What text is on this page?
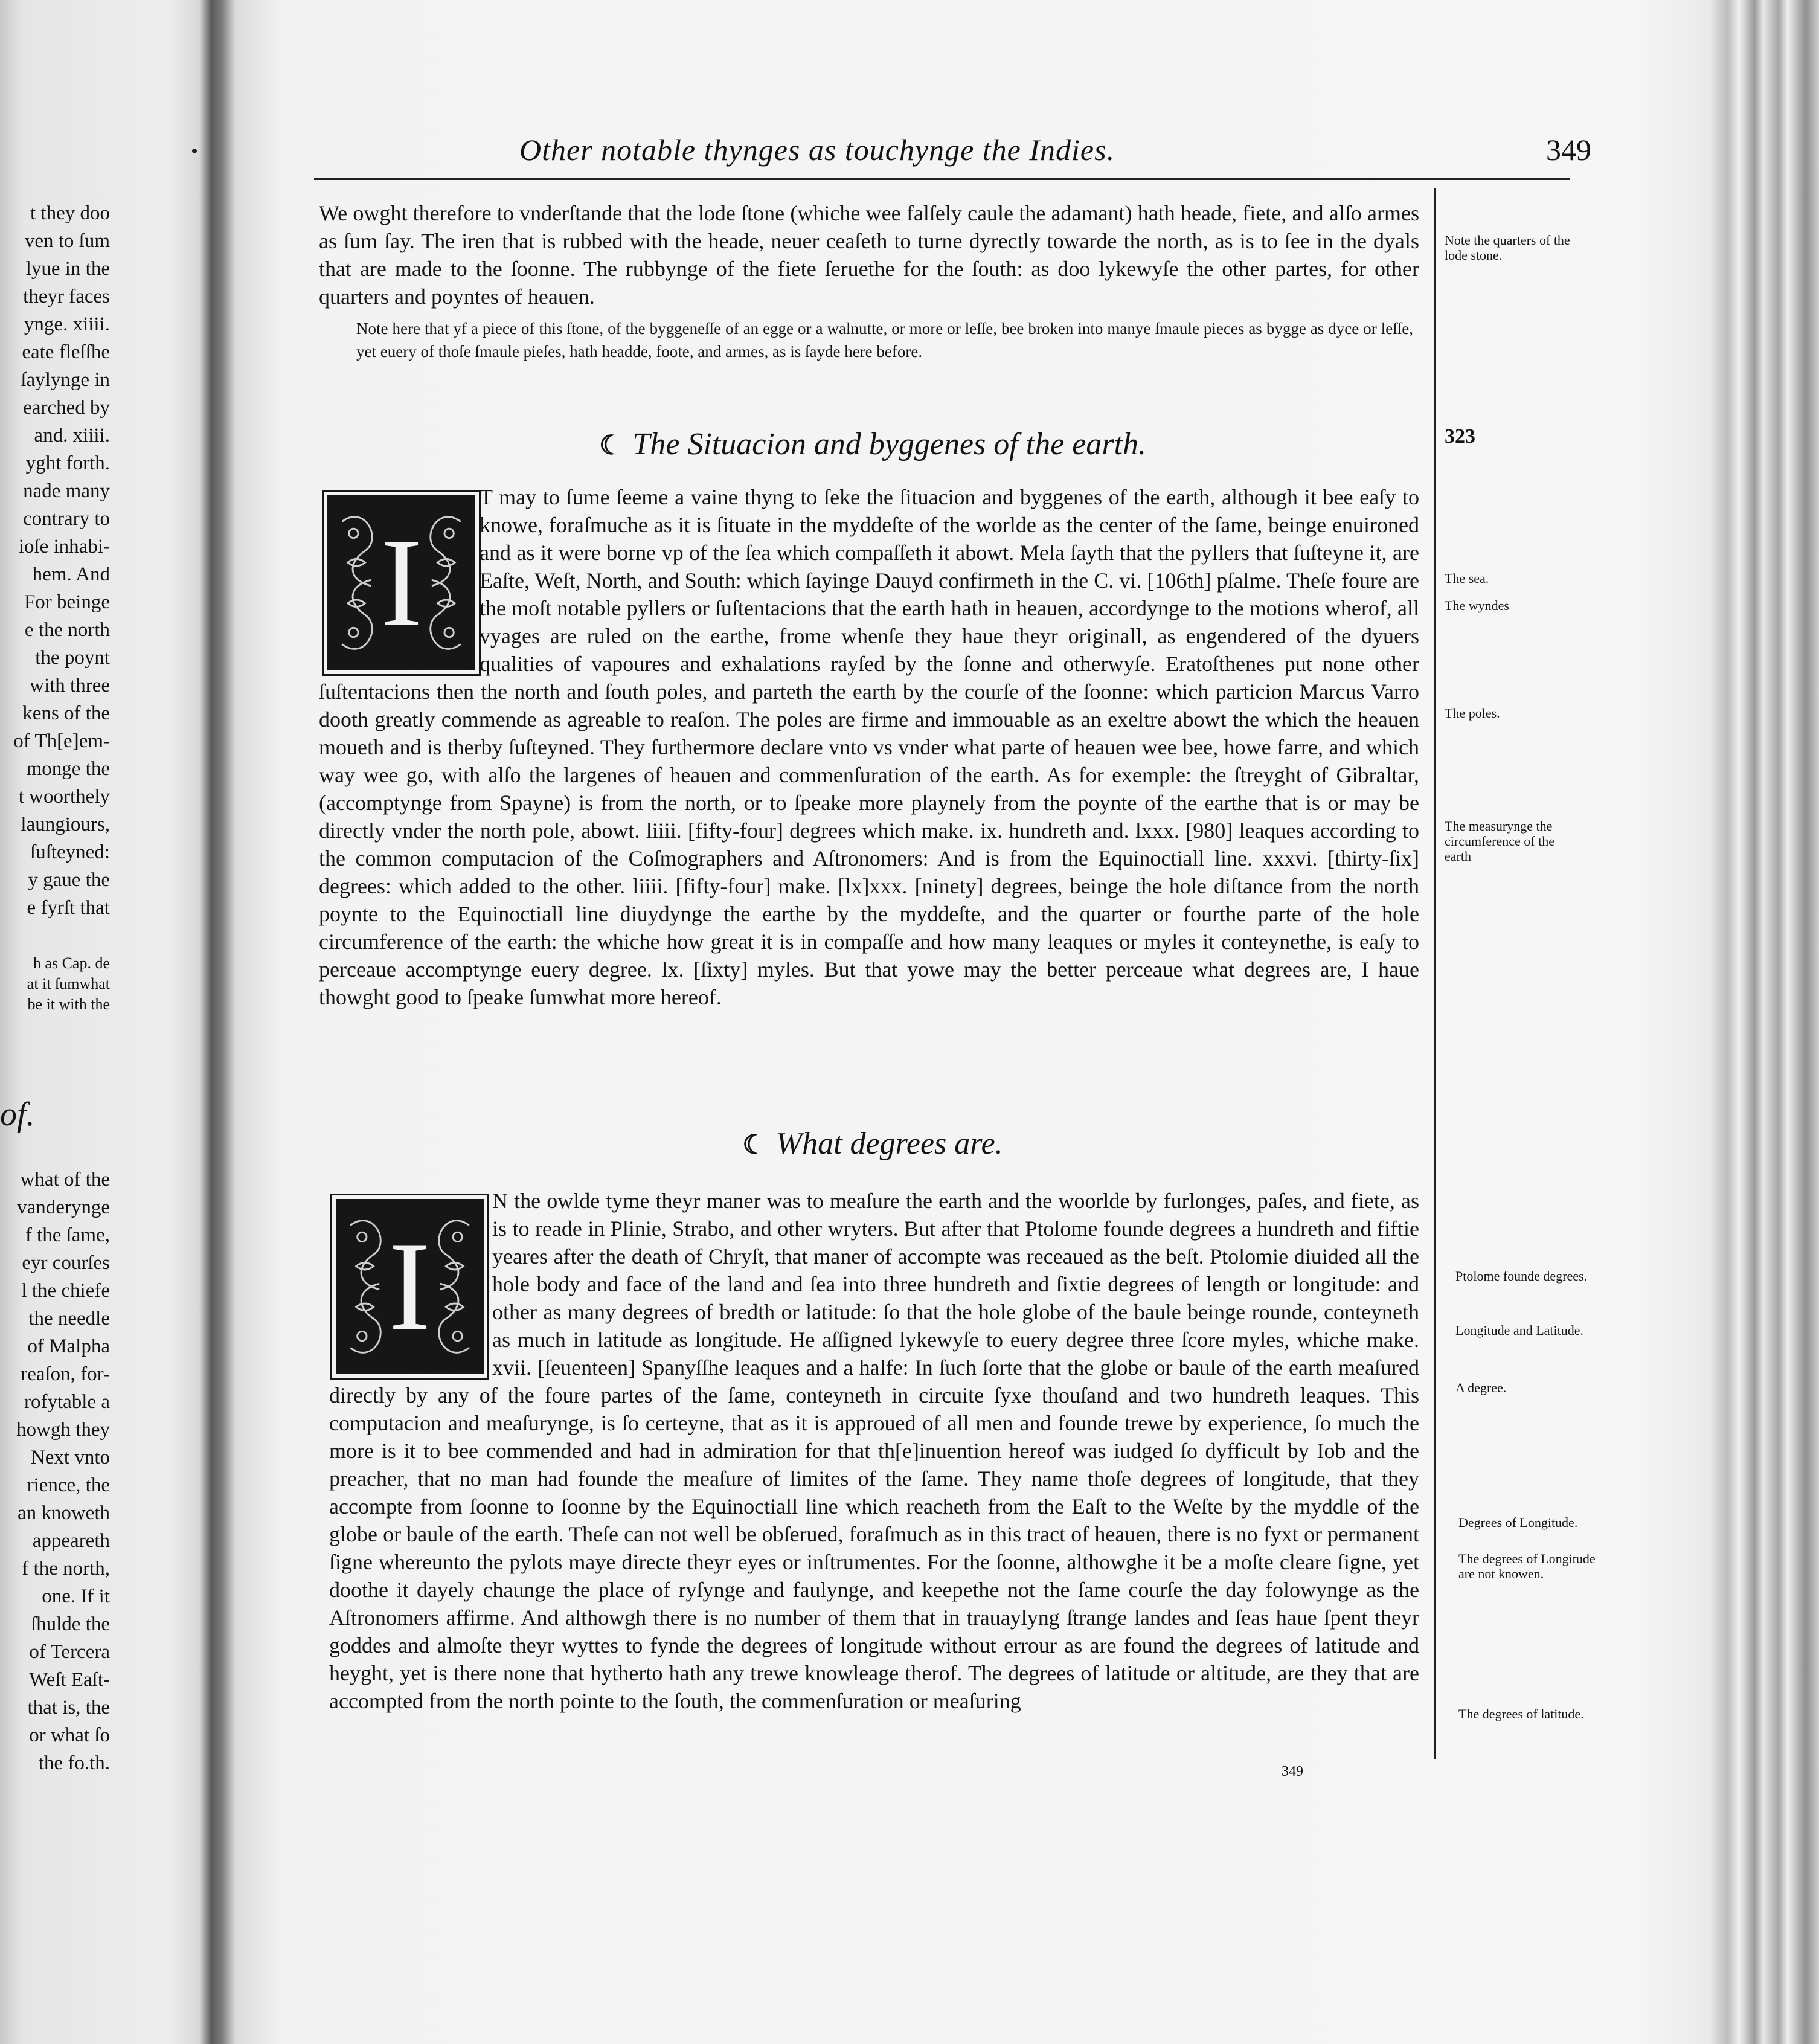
t they doo

ven to ſum

lyue in the

theyr faces

ynge. xiiii.

eate fleſſhe

ſaylynge in

earched by

and. xiiii.

yght forth.

nade many

contrary to

ioſe inhabi-

hem. And

For beinge

e the north

the poynt

with three

kens of the

of Th[e]em-

monge the

t woorthely

laungiours,

ſuſteyned:

y gaue the

e fyrſt that

h as Cap. de

at it ſumwhat

be it with the

of.

what of the

vanderynge

f the ſame,

eyr courſes

l the chiefe

the needle

of Malpha

reaſon, for-

rofytable a

howgh they

Next vnto

rience, the

an knoweth

appeareth

f the north,

one. If it

ſhulde the

of Tercera

Weſt Eaſt-

that is, the

or what ſo

the fo.th.

Other notable thynges as touchynge the Indies.	349

We owght therefore to vnderſtande that the lode ſtone (whiche wee falſely caule the adamant) hath heade, fiete, and alſo armes as ſum ſay. The iren that is rubbed with the heade, neuer ceaſeth to turne dyrectly towarde the north, as is to ſee in the dyals that are made to the ſoonne. The rubbynge of the fiete ſeruethe for the ſouth: as doo lykewyſe the other partes, for other quarters and poyntes of heauen.

Note here that yf a piece of this ſtone, of the byggeneſſe of an egge or a walnutte, or more or leſſe, bee broken into manye ſmaule pieces as bygge as dyce or leſſe, yet euery of thoſe ſmaule pieſes, hath headde, foote, and armes, as is ſayde here before.

☾ The Situacion and byggenes of the earth.
I

T may to ſume ſeeme a vaine thyng to ſeke the ſituacion and byggenes of the earth, although it bee eaſy to knowe, foraſmuche as it is ſituate in the myddeſte of the worlde as the center of the ſame, beinge enuironed and as it were borne vp of the ſea which compaſſeth it abowt. Mela ſayth that the pyllers that ſuſteyne it, are Eaſte, Weſt, North, and South: which ſayinge Dauyd confirmeth in the C. vi. [106th] pſalme. Theſe foure are the moſt notable pyllers or ſuſtentacions that the earth hath in heauen, accordynge to the motions wherof, all vyages are ruled on the earthe, frome whenſe they haue theyr originall, as engendered of the dyuers qualities of vapoures and exhalations rayſed by the ſonne and otherwyſe. Eratoſthenes put none other ſuſtentacions then the north and ſouth poles, and parteth the earth by the courſe of the ſoonne: which particion Marcus Varro dooth greatly commende as agreable to reaſon. The poles are firme and immouable as an exeltre abowt the which the heauen moueth and is therby ſuſteyned. They furthermore declare vnto vs vnder what parte of heauen wee bee, howe farre, and which way wee go, with alſo the largenes of heauen and commenſuration of the earth. As for exemple: the ſtreyght of Gibraltar, (accomptynge from Spayne) is from the north, or to ſpeake more playnely from the poynte of the earthe that is or may be directly vnder the north pole, abowt. liiii. [fifty-four] degrees which make. ix. hundreth and. lxxx. [980] leaques according to the common computacion of the Coſmographers and Aſtronomers: And is from the Equinoctiall line. xxxvi. [thirty-ſix] degrees: which added to the other. liiii. [fifty-four] make. [lx]xxx. [ninety] degrees, beinge the hole diſtance from the north poynte to the Equinoctiall line diuydynge the earthe by the myddeſte, and the quarter or fourthe parte of the hole circumference of the earth: the whiche how great it is in compaſſe and how many leaques or myles it conteynethe, is eaſy to perceaue accomptynge euery degree. lx. [ſixty] myles. But that yowe may the better perceaue what degrees are, I haue thowght good to ſpeake ſumwhat more hereof.

☾ What degrees are.
I

N the owlde tyme theyr maner was to meaſure the earth and the woorlde by furlonges, paſes, and fiete, as is to reade in Plinie, Strabo, and other wryters. But after that Ptolome founde degrees a hundreth and fiftie yeares after the death of Chryſt, that maner of accompte was receaued as the beſt. Ptolomie diuided all the hole body and face of the land and ſea into three hundreth and ſixtie degrees of length or longitude: and other as many degrees of bredth or latitude: ſo that the hole globe of the baule beinge rounde, conteyneth as much in latitude as longitude. He aſſigned lykewyſe to euery degree three ſcore myles, whiche make. xvii. [ſeuenteen] Spanyſſhe leaques and a halfe: In ſuch ſorte that the globe or baule of the earth meaſured directly by any of the foure partes of the ſame, conteyneth in circuite ſyxe thouſand and two hundreth leaques. This computacion and meaſurynge, is ſo certeyne, that as it is approued of all men and founde trewe by experience, ſo much the more is it to bee commended and had in admiration for that th[e]inuention hereof was iudged ſo dyfficult by Iob and the preacher, that no man had founde the meaſure of limites of the ſame. They name thoſe degrees of longitude, that they accompte from ſoonne to ſoonne by the Equinoctiall line which reacheth from the Eaſt to the Weſte by the myddle of the globe or baule of the earth. Theſe can not well be obſerued, foraſmuch as in this tract of heauen, there is no fyxt or permanent ſigne whereunto the pylots maye directe theyr eyes or inſtrumentes. For the ſoonne, althowghe it be a moſte cleare ſigne, yet doothe it dayely chaunge the place of ryſynge and faulynge, and keepethe not the ſame courſe the day folowynge as the Aſtronomers affirme. And althowgh there is no number of them that in trauaylyng ſtrange landes and ſeas haue ſpent theyr goddes and almoſte theyr wyttes to fynde the degrees of longitude without errour as are found the degrees of latitude and heyght, yet is there none that hytherto hath any trewe knowleage therof. The degrees of latitude or altitude, are they that are accompted from the north pointe to the ſouth, the commenſuration or meaſuring

Note the quarters of the lode stone.

323

The sea.

The wyndes

The poles.

The measurynge the circumference of the earth

Ptolome founde degrees.

Longitude and Latitude.

A degree.

Degrees of Longitude.

The degrees of Longitude are not knowen.

The degrees of latitude.

349
